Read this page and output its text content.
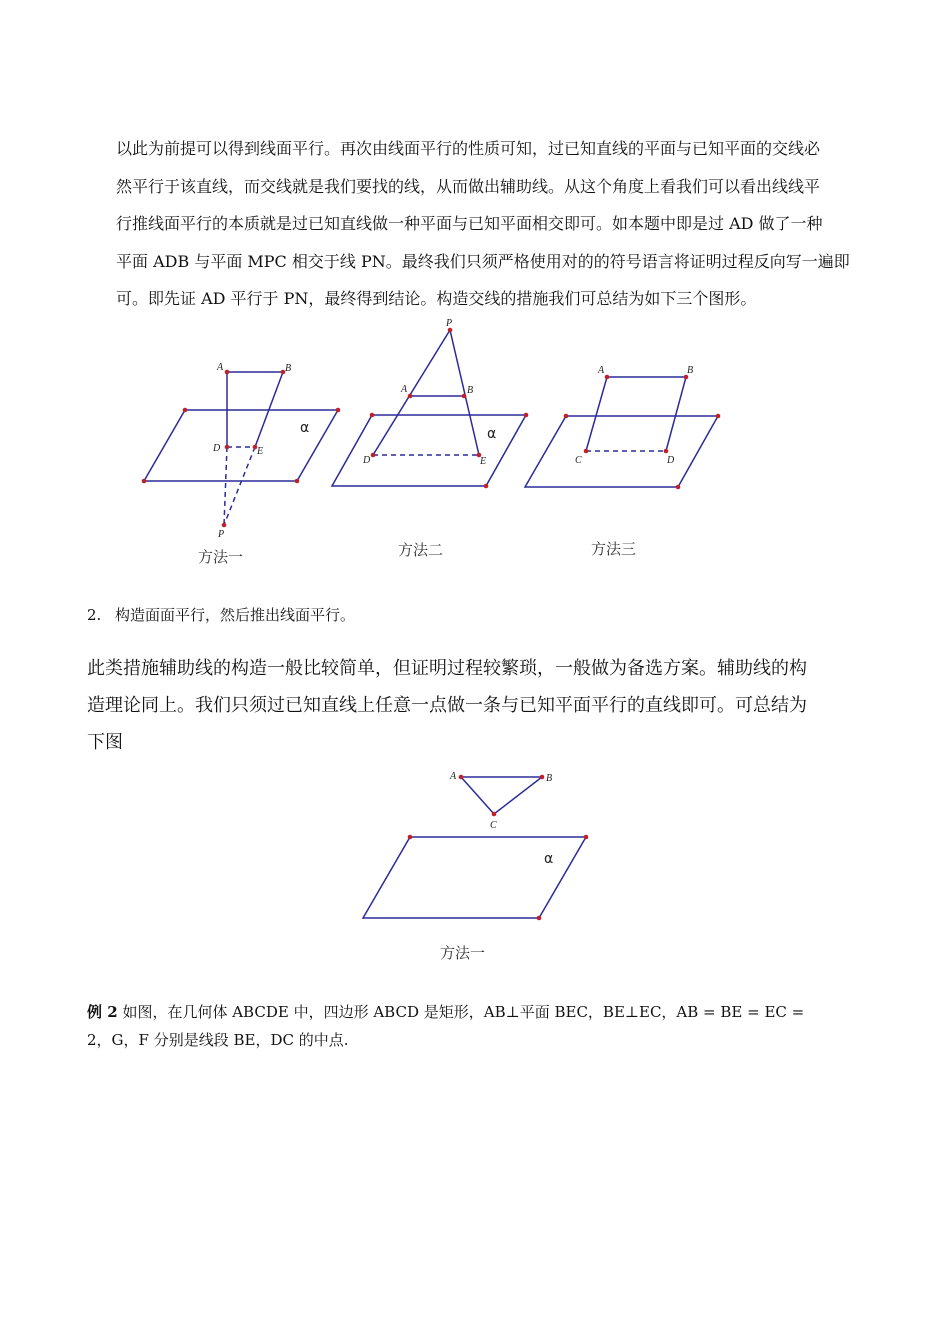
以此为前提可以得到线面平行。再次由线面平行的性质可知，过已知直线的平面与已知平面的交线必

然平行于该直线，而交线就是我们要找的线，从而做出辅助线。从这个角度上看我们可以看出线线平

行推线面平行的本质就是过已知直线做一种平面与已知平面相交即可。如本题中即是过 AD 做了一种

平面 ADB 与平面 MPC 相交于线 PN。最终我们只须严格使用对的的符号语言将证明过程反向写一遍即

可。即先证 AD 平行于 PN，最终得到结论。构造交线的措施我们可总结为如下三个图形。

A	B
D	E
P
α
方法一
P
A	B
D	E
α
方法二
A	B
C	D
方法三
A	B
C
α
方法一
2. 构造面面平行，然后推出线面平行。

此类措施辅助线的构造一般比较简单，但证明过程较繁琐，一般做为备选方案。辅助线的构

造理论同上。我们只须过已知直线上任意一点做一条与已知平面平行的直线即可。可总结为

下图

例 2 如图，在几何体 ABCDE 中，四边形 ABCD 是矩形，AB⊥平面 BEC，BE⊥EC，AB = BE = EC =

2，G，F 分别是线段 BE，DC 的中点.
